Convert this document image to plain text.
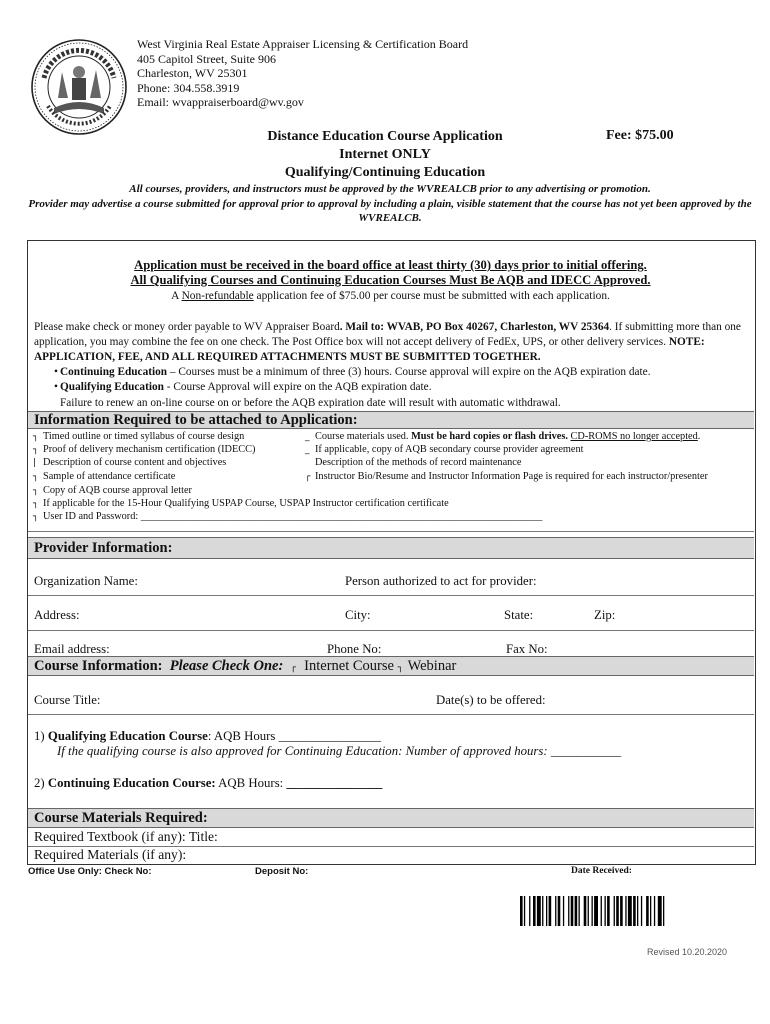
West Virginia Real Estate Appraiser Licensing & Certification Board
405 Capitol Street, Suite 906
Charleston, WV 25301
Phone: 304.558.3919
Email: wvappraiserboard@wv.gov
Distance Education Course Application
Internet ONLY
Qualifying/Continuing Education
Fee: $75.00
All courses, providers, and instructors must be approved by the WVREALCB prior to any advertising or promotion.
Provider may advertise a course submitted for approval prior to approval by including a plain, visible statement that the course has not yet been approved by the WVREALCB.
Application must be received in the board office at least thirty (30) days prior to initial offering.
All Qualifying Courses and Continuing Education Courses Must Be AQB and IDECC Approved.
A Non-refundable application fee of $75.00 per course must be submitted with each application.
Please make check or money order payable to WV Appraiser Board. Mail to: WVAB, PO Box 40267, Charleston, WV 25364. If submitting more than one application, you may combine the fee on one check. The Post Office box will not accept delivery of FedEx, UPS, or other delivery services. NOTE: APPLICATION, FEE, AND ALL REQUIRED ATTACHMENTS MUST BE SUBMITTED TOGETHER.
• Continuing Education – Courses must be a minimum of three (3) hours. Course approval will expire on the AQB expiration date.
• Qualifying Education - Course Approval will expire on the AQB expiration date.
• Failure to renew an on-line course on or before the AQB expiration date will result with automatic withdrawal.
Information Required to be attached to Application:
┐ Timed outline or timed syllabus of course design
┐ Proof of delivery mechanism certification (IDECC)
| Description of course content and objectives
┐ Sample of attendance certificate
┐ Copy of AQB course approval letter
┐ If applicable for the 15-Hour Qualifying USPAP Course, USPAP Instructor certification certificate
┐ User ID and Password: ______________________________________________________________________________
_ Course materials used. Must be hard copies or flash drives. CD-ROMS no longer accepted.
_ If applicable, copy of AQB secondary course provider agreement
Description of the methods of record maintenance
┌ Instructor Bio/Resume and Instructor Information Page is required for each instructor/presenter
Provider Information:
Organization Name:	Person authorized to act for provider:
Address:	City:	State:	Zip:
Email address:	Phone No:	Fax No:
Course Information: Please Check One: ┌ Internet Course ┐ Webinar
Course Title:	Date(s) to be offered:
1) Qualifying Education Course: AQB Hours ________________
If the qualifying course is also approved for Continuing Education: Number of approved hours: ___________
2) Continuing Education Course: AQB Hours: _______________
Course Materials Required:
Required Textbook (if any): Title:
Required Materials (if any):
Office Use Only: Check No:	Deposit No:	Date Received:
Revised 10.20.2020
